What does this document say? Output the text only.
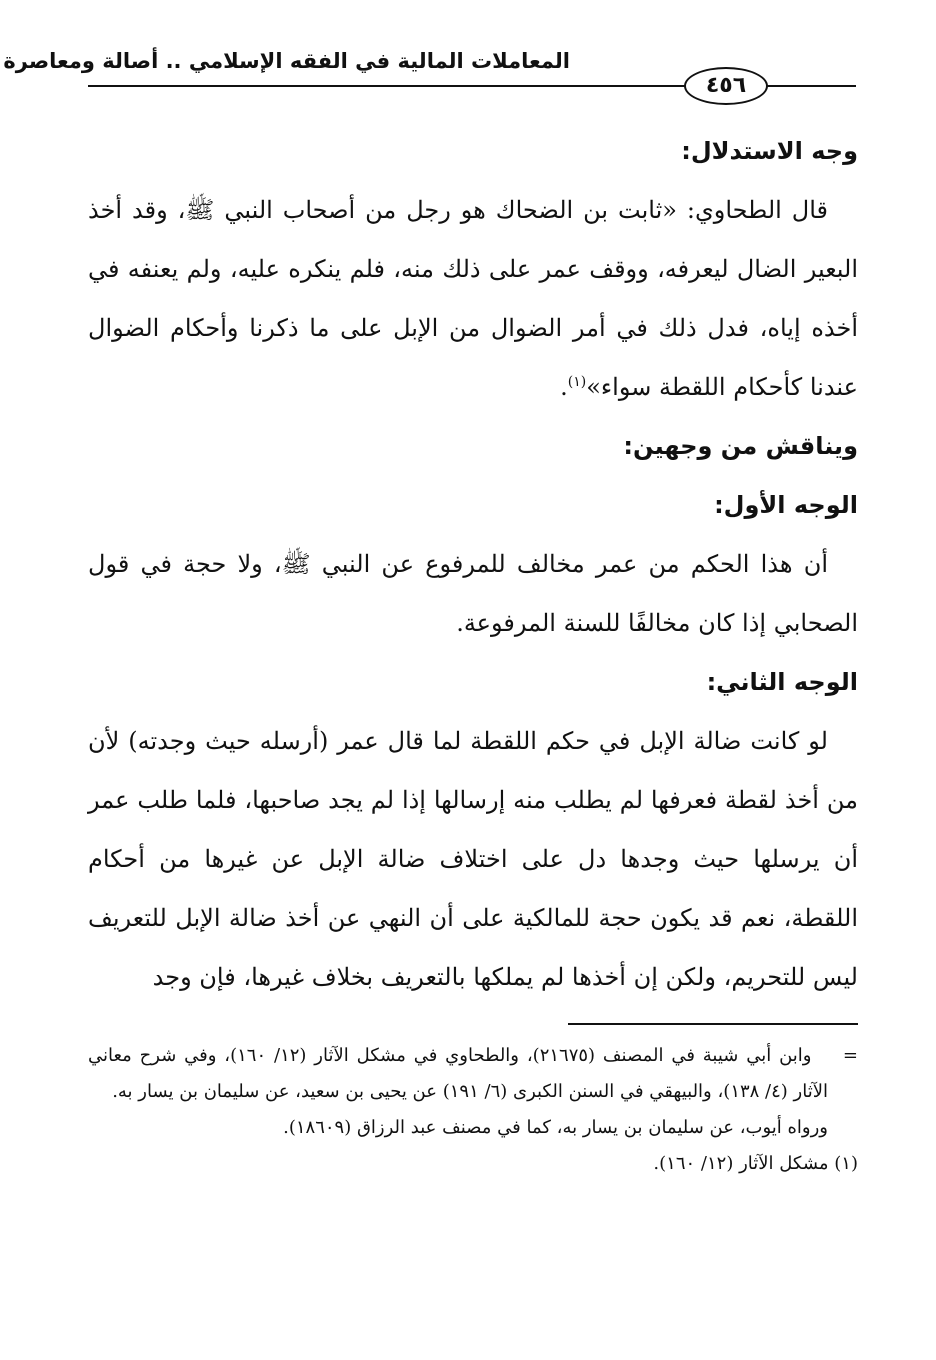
المعاملات المالية في الفقه الإسلامي .. أصالة ومعاصرة
٤٥٦

وجه الاستدلال:

قال الطحاوي: «ثابت بن الضحاك هو رجل من أصحاب النبي ﷺ، وقد أخذ البعير الضال ليعرفه، ووقف عمر على ذلك منه، فلم ينكره عليه، ولم يعنفه في أخذه إياه، فدل ذلك في أمر الضوال من الإبل على ما ذكرنا وأحكام الضوال عندنا كأحكام اللقطة سواء»$^{(١)}$.

ويناقش من وجهين:

الوجه الأول:

أن هذا الحكم من عمر مخالف للمرفوع عن النبي ﷺ، ولا حجة في قول الصحابي إذا كان مخالفًا للسنة المرفوعة.

الوجه الثاني:

لو كانت ضالة الإبل في حكم اللقطة لما قال عمر (أرسله حيث وجدته) لأن من أخذ لقطة فعرفها لم يطلب منه إرسالها إذا لم يجد صاحبها، فلما طلب عمر أن يرسلها حيث وجدها دل على اختلاف ضالة الإبل عن غيرها من أحكام اللقطة، نعم قد يكون حجة للمالكية على أن النهي عن أخذ ضالة الإبل للتعريف ليس للتحريم، ولكن إن أخذها لم يملكها بالتعريف بخلاف غيرها، فإن وجد

=    وابن أبي شيبة في المصنف (٢١٦٧٥)، والطحاوي في مشكل الآثار (١٢/ ١٦٠)، وفي شرح معاني الآثار (٤/ ١٣٨)، والبيهقي في السنن الكبرى (٦/ ١٩١) عن يحيى بن سعيد، عن سليمان بن يسار به.

ورواه أيوب، عن سليمان بن يسار به، كما في مصنف عبد الرزاق (١٨٦٠٩).

(١) مشكل الآثار (١٢/ ١٦٠).
